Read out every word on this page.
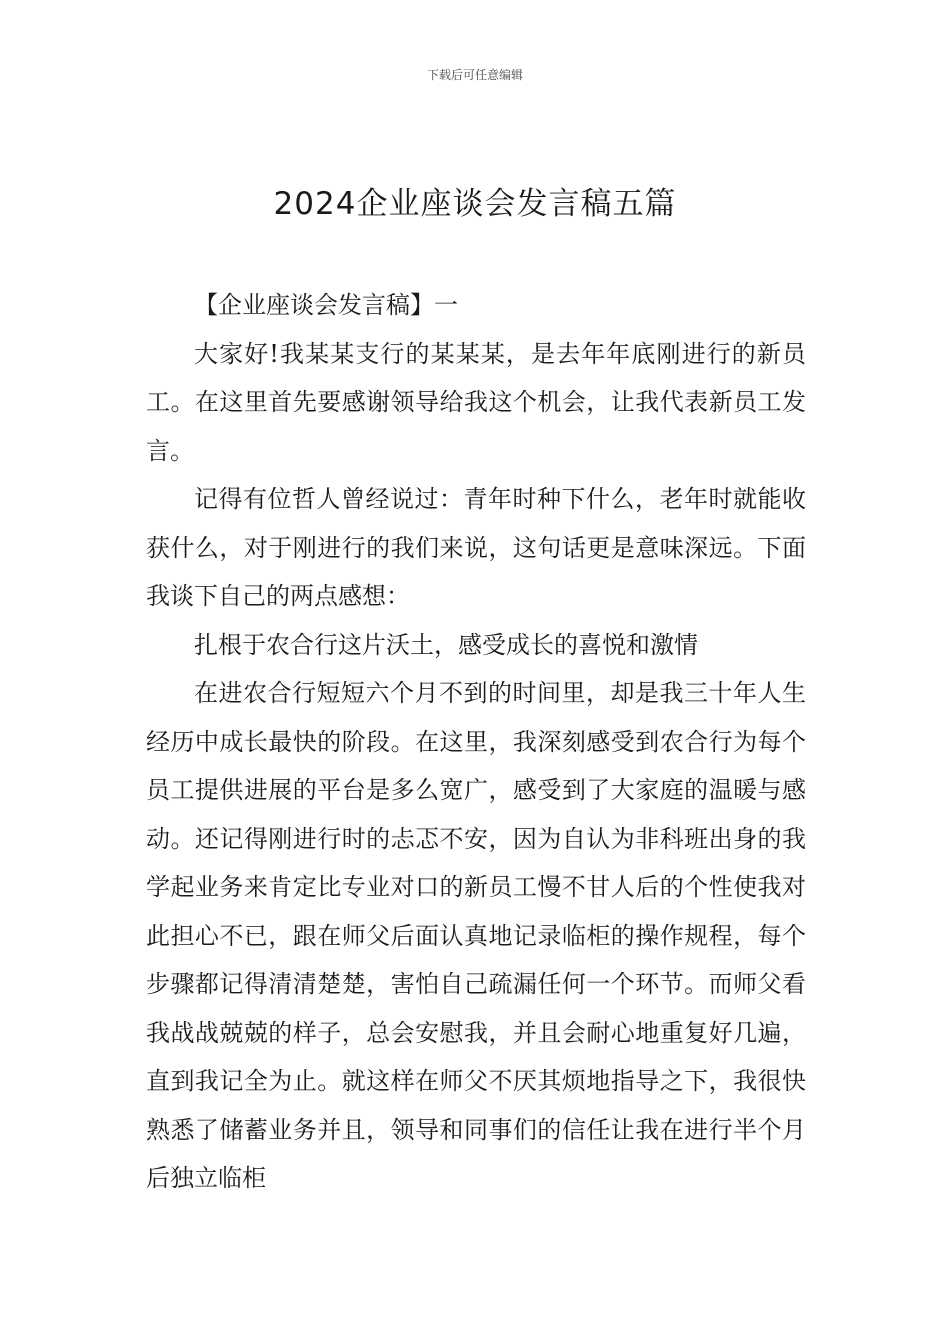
下载后可任意编辑
2024企业座谈会发言稿五篇

【企业座谈会发言稿】一

大家好!我某某支行的某某某，是去年年底刚进行的新员工。在这里首先要感谢领导给我这个机会，让我代表新员工发言。

记得有位哲人曾经说过：青年时种下什么，老年时就能收获什么，对于刚进行的我们来说，这句话更是意味深远。下面我谈下自己的两点感想：

扎根于农合行这片沃土，感受成长的喜悦和激情

在进农合行短短六个月不到的时间里，却是我三十年人生经历中成长最快的阶段。在这里，我深刻感受到农合行为每个员工提供进展的平台是多么宽广，感受到了大家庭的温暖与感动。还记得刚进行时的忐忑不安，因为自认为非科班出身的我学起业务来肯定比专业对口的新员工慢不甘人后的个性使我对此担心不已，跟在师父后面认真地记录临柜的操作规程，每个步骤都记得清清楚楚，害怕自己疏漏任何一个环节。而师父看我战战兢兢的样子，总会安慰我，并且会耐心地重复好几遍，直到我记全为止。就这样在师父不厌其烦地指导之下，我很快熟悉了储蓄业务并且，领导和同事们的信任让我在进行半个月后独立临柜
